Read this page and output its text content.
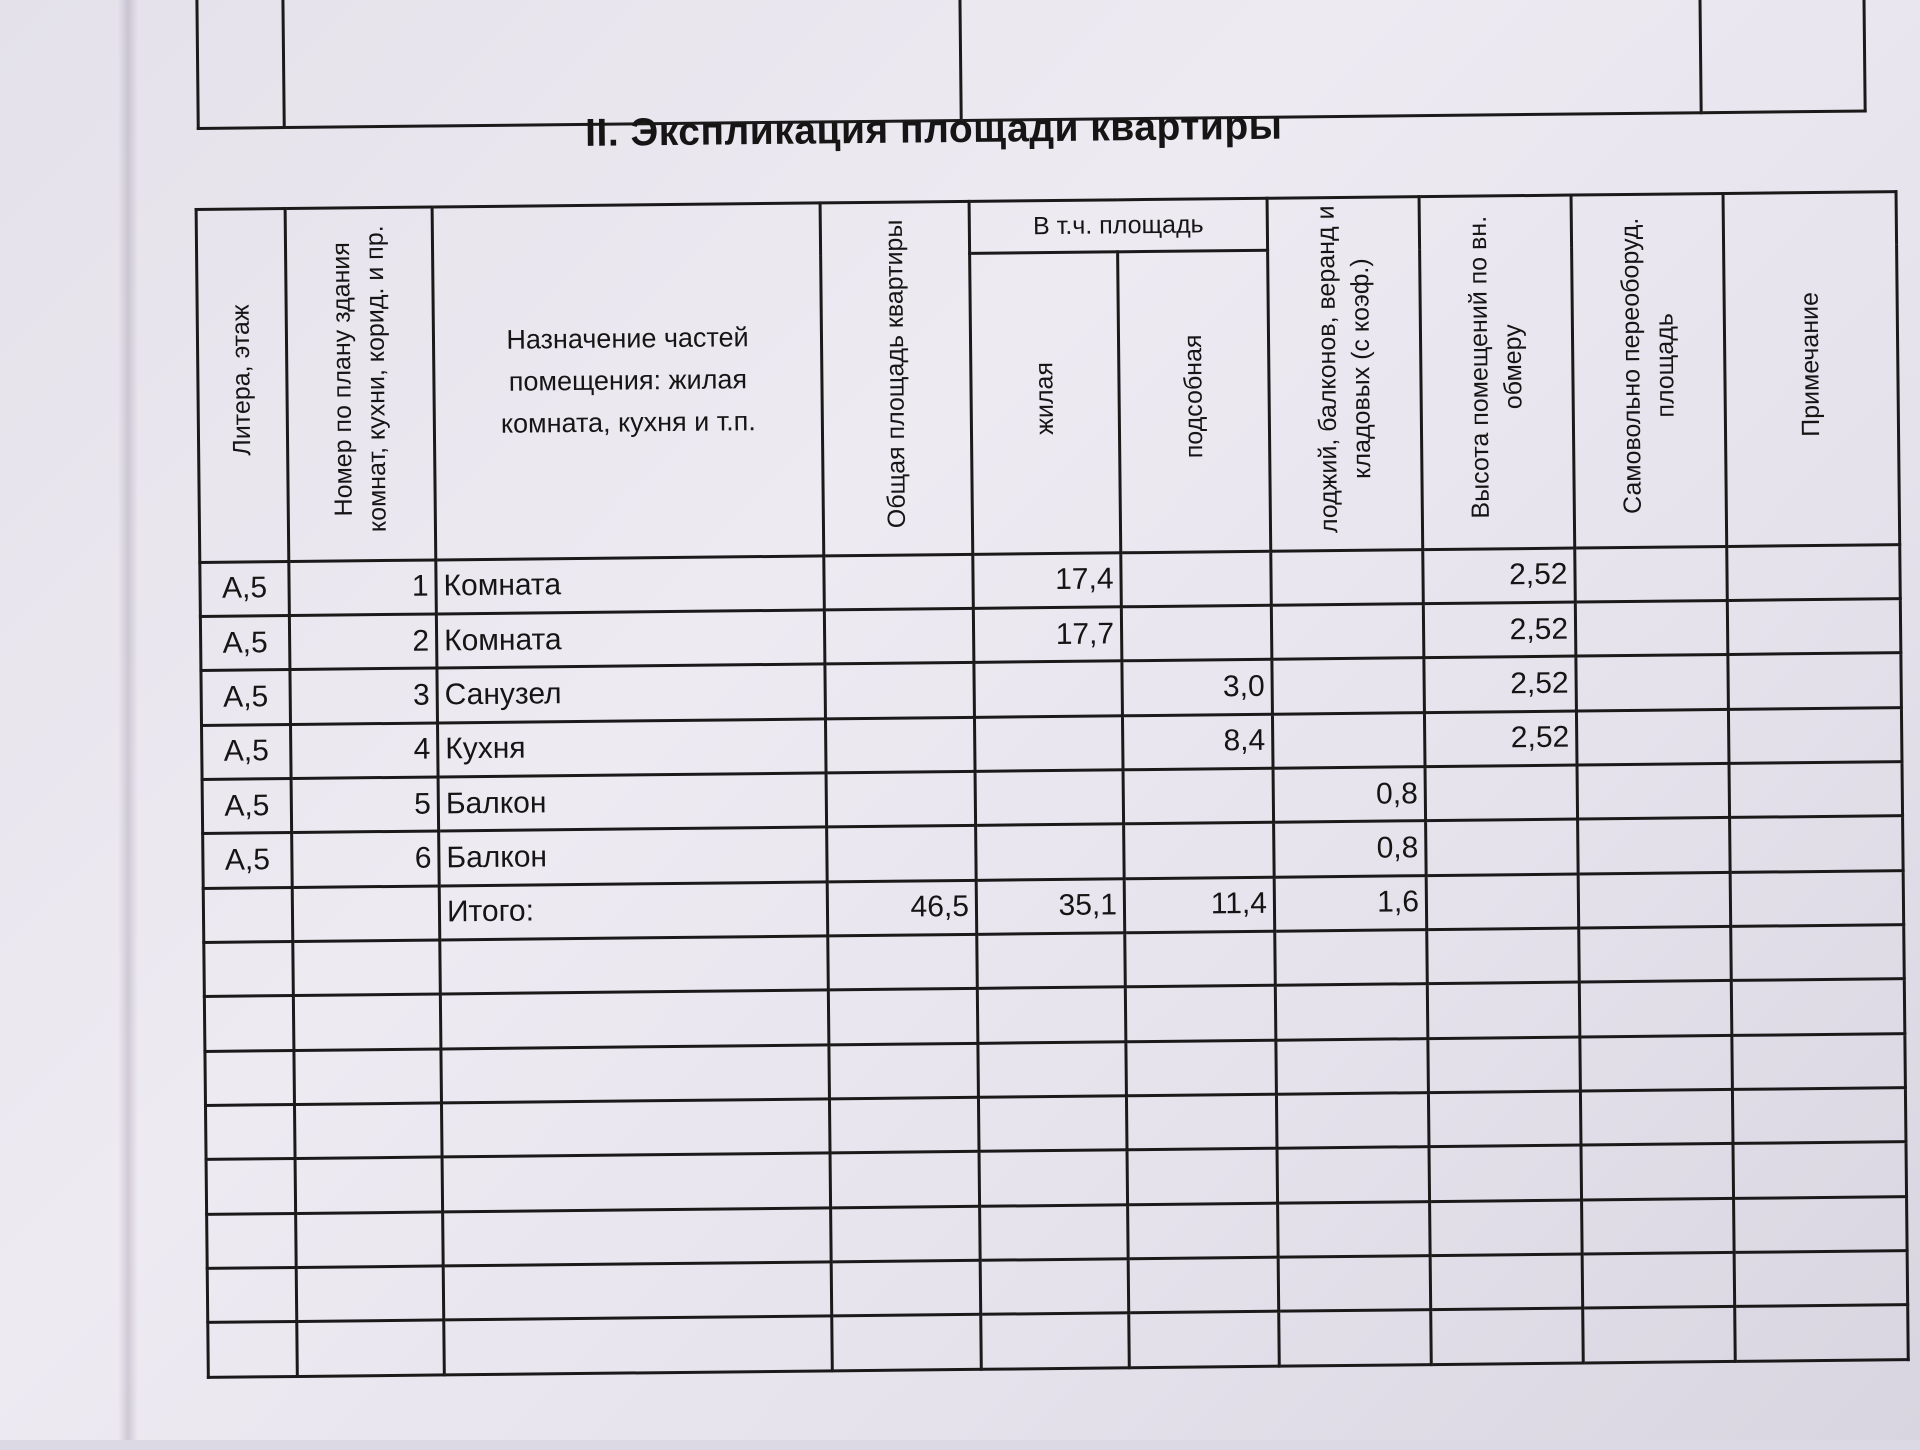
II. Экспликация площади квартиры
Литера, этаж	Номер по плану здания комнат, кухни, корид. и пр.	Назначение частей помещения: жилая комната, кухня и т.п.	Общая площадь квартиры	В т.ч. площадь		лоджий, балконов, веранд и кладовых (с коэф.)	Высота помещений по вн. обмеру	Самовольно переоборуд. площадь	Примечание
				жилая	подсобная				
А,5	1	Комната		17,4			2,52		
А,5	2	Комната		17,7			2,52		
А,5	3	Санузел			3,0		2,52		
А,5	4	Кухня			8,4		2,52		
А,5	5	Балкон				0,8			
А,5	6	Балкон				0,8			
		Итого:	46,5	35,1	11,4	1,6			
